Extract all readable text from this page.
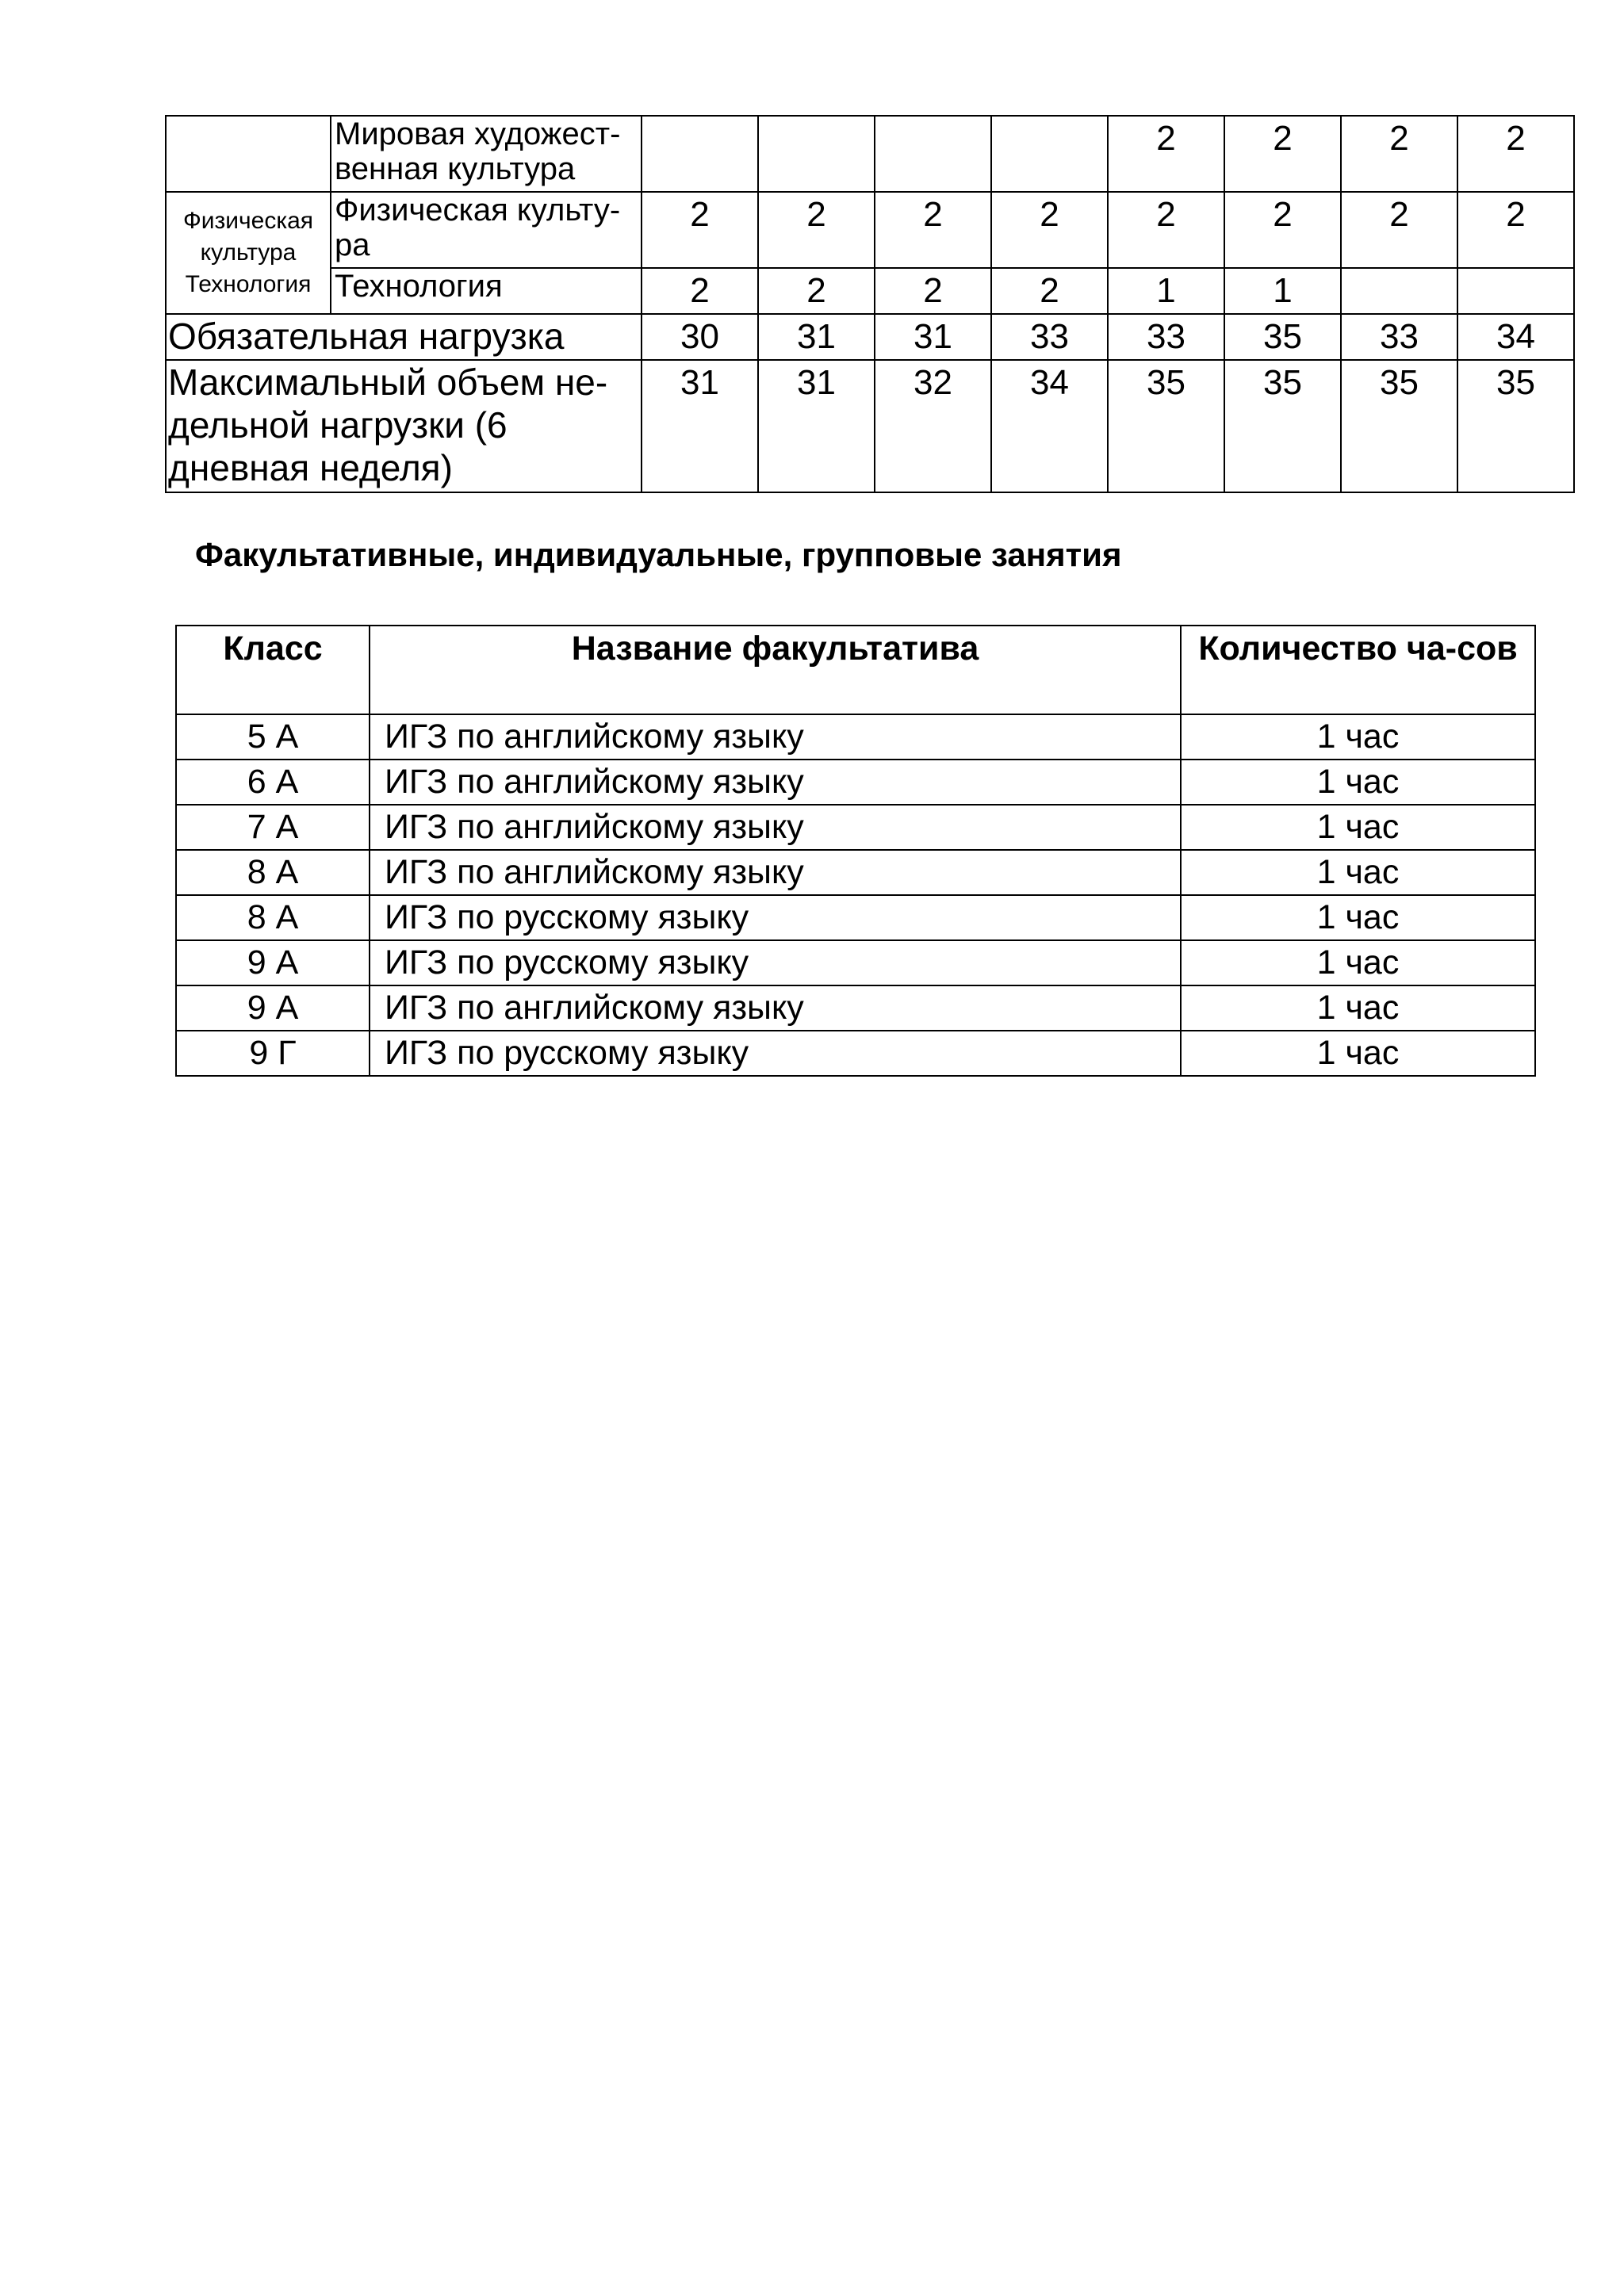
	Мировая художест-венная культура					2	2	2	2
Физическая культура Технология	Физическая культу-ра	2	2	2	2	2	2	2	2
	Технология	2	2	2	2	1	1		
Обязательная нагрузка		30	31	31	33	33	35	33	34
Максимальный объем не-дельной нагрузки (6 дневная неделя)		31	31	32	34	35	35	35	35
Факультативные, индивидуальные, групповые занятия
Класс	Название факультатива	Количество ча-сов
5 А	ИГЗ по английскому языку	1 час
6 А	ИГЗ по английскому языку	1 час
7 А	ИГЗ по английскому языку	1 час
8 А	ИГЗ по английскому языку	1 час
8 А	ИГЗ по русскому языку	1 час
9 А	ИГЗ по русскому языку	1 час
9 А	ИГЗ по английскому языку	1 час
9 Г	ИГЗ по русскому языку	1 час
